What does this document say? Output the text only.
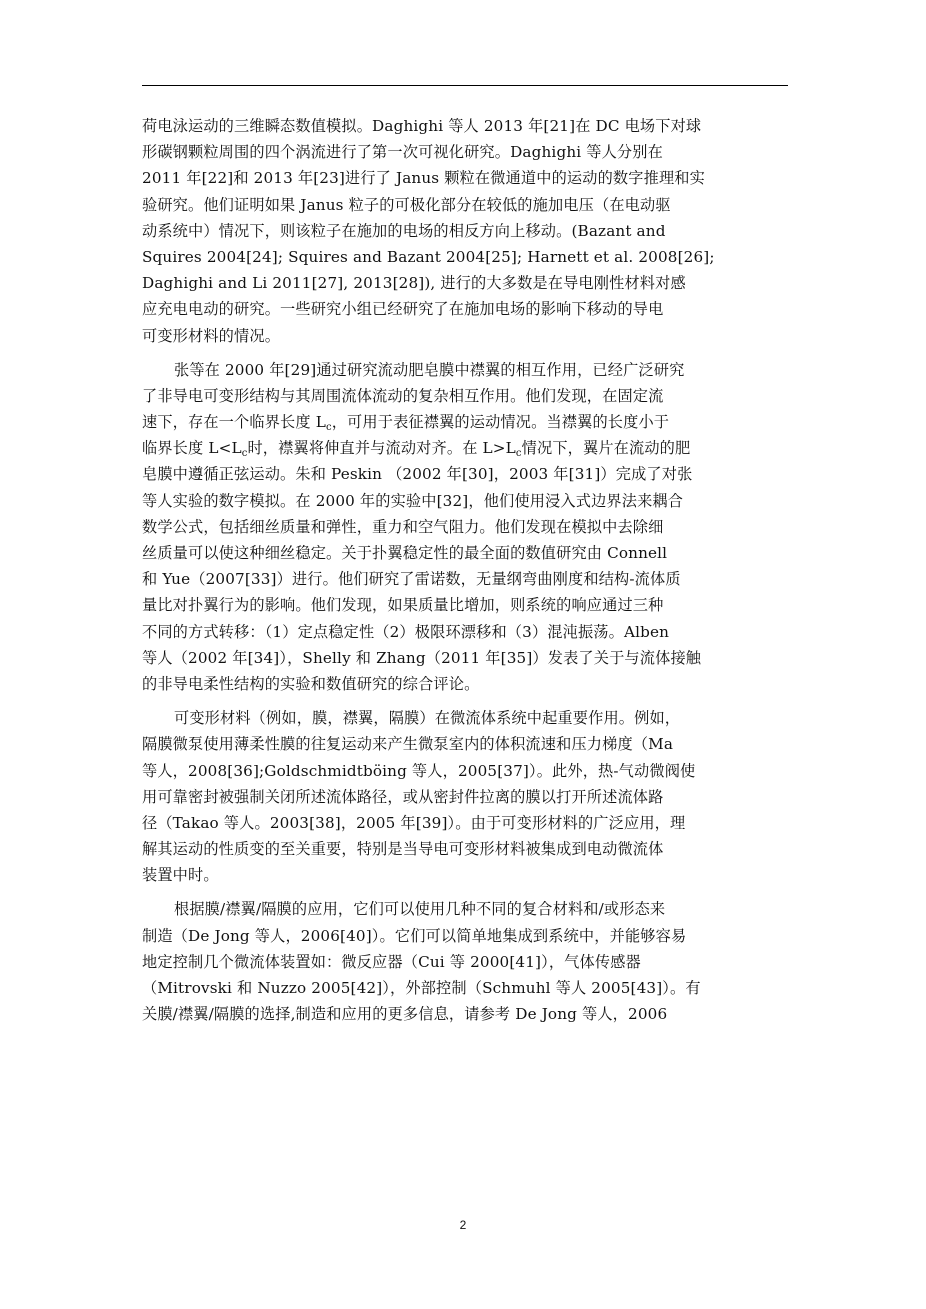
荷电泳运动的三维瞬态数值模拟。Daghighi 等人 2013 年[21]在 DC 电场下对球
形碳钢颗粒周围的四个涡流进行了第一次可视化研究。Daghighi 等人分别在
2011 年[22]和 2013 年[23]进行了 Janus 颗粒在微通道中的运动的数字推理和实
验研究。他们证明如果 Janus 粒子的可极化部分在较低的施加电压（在电动驱
动系统中）情况下，则该粒子在施加的电场的相反方向上移动。(Bazant and
Squires 2004[24]; Squires and Bazant 2004[25]; Harnett et al. 2008[26];
Daghighi and Li 2011[27], 2013[28]), 进行的大多数是在导电刚性材料对感
应充电电动的研究。一些研究小组已经研究了在施加电场的影响下移动的导电
可变形材料的情况。
张等在 2000 年[29]通过研究流动肥皂膜中襟翼的相互作用，已经广泛研究
了非导电可变形结构与其周围流体流动的复杂相互作用。他们发现，在固定流
速下，存在一个临界长度 $L_c$，可用于表征襟翼的运动情况。当襟翼的长度小于
临界长度 $L<L_c$时，襟翼将伸直并与流动对齐。在 $L>L_c$情况下，翼片在流动的肥
皂膜中遵循正弦运动。朱和 Peskin （2002 年[30]，2003 年[31]）完成了对张
等人实验的数字模拟。在 2000 年的实验中[32]，他们使用浸入式边界法来耦合
数学公式，包括细丝质量和弹性，重力和空气阻力。他们发现在模拟中去除细
丝质量可以使这种细丝稳定。关于扑翼稳定性的最全面的数值研究由 Connell
和 Yue（2007[33]）进行。他们研究了雷诺数，无量纲弯曲刚度和结构-流体质
量比对扑翼行为的影响。他们发现，如果质量比增加，则系统的响应通过三种
不同的方式转移：（1）定点稳定性（2）极限环漂移和（3）混沌振荡。Alben
等人（2002 年[34]），Shelly 和 Zhang（2011 年[35]）发表了关于与流体接触
的非导电柔性结构的实验和数值研究的综合评论。
可变形材料（例如，膜，襟翼，隔膜）在微流体系统中起重要作用。例如，
隔膜微泵使用薄柔性膜的往复运动来产生微泵室内的体积流速和压力梯度（Ma
等人，2008[36];Goldschmidtböing 等人，2005[37]）。此外，热-气动微阀使
用可靠密封被强制关闭所述流体路径，或从密封件拉离的膜以打开所述流体路
径（Takao 等人。2003[38]，2005 年[39]）。由于可变形材料的广泛应用，理
解其运动的性质变的至关重要，特别是当导电可变形材料被集成到电动微流体
装置中时。
根据膜/襟翼/隔膜的应用，它们可以使用几种不同的复合材料和/或形态来
制造（De Jong 等人，2006[40]）。它们可以简单地集成到系统中，并能够容易
地定控制几个微流体装置如：微反应器（Cui 等 2000[41]），气体传感器
（Mitrovski 和 Nuzzo 2005[42]），外部控制（Schmuhl 等人 2005[43]）。有
关膜/襟翼/隔膜的选择,制造和应用的更多信息，请参考 De Jong 等人，2006
2
